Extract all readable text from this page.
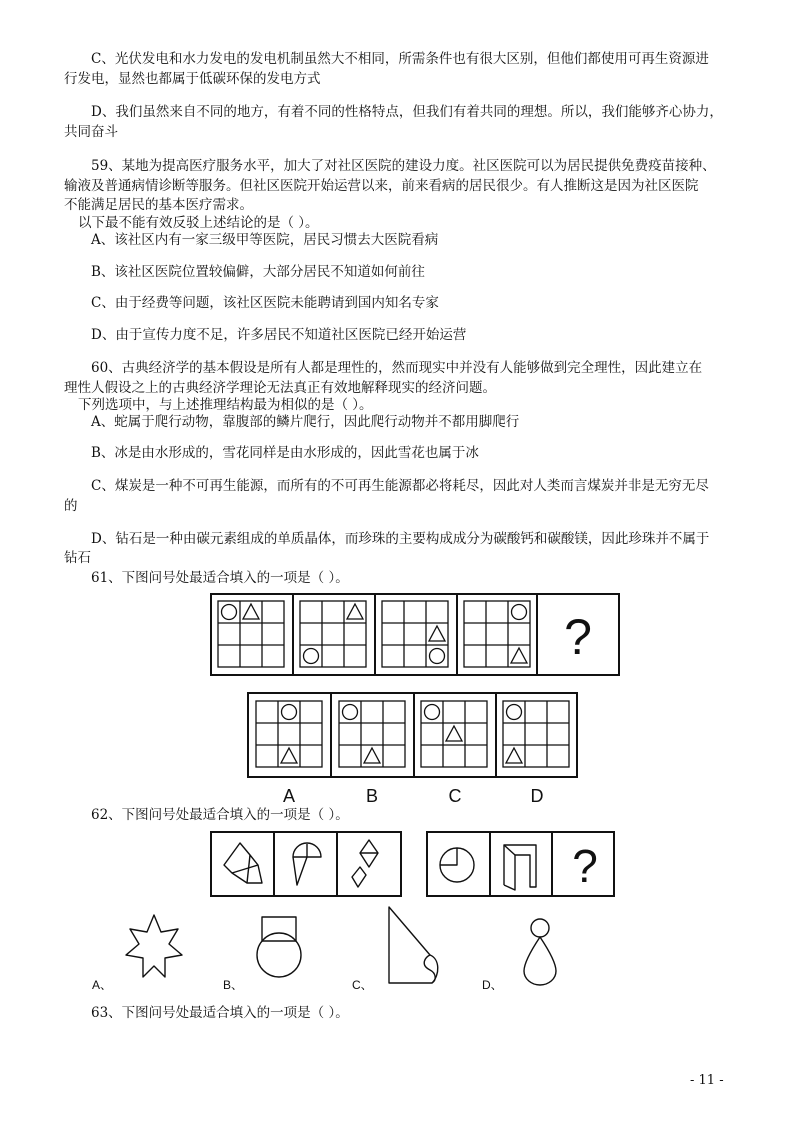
C、光伏发电和水力发电的发电机制虽然大不相同，所需条件也有很大区别，但他们都使用可再生资源进
行发电，显然也都属于低碳环保的发电方式
D、我们虽然来自不同的地方，有着不同的性格特点，但我们有着共同的理想。所以，我们能够齐心协力，
共同奋斗
59、某地为提高医疗服务水平，加大了对社区医院的建设力度。社区医院可以为居民提供免费疫苗接种、
输液及普通病情诊断等服务。但社区医院开始运营以来，前来看病的居民很少。有人推断这是因为社区医院
不能满足居民的基本医疗需求。
以下最不能有效反驳上述结论的是（ ）。
A、该社区内有一家三级甲等医院，居民习惯去大医院看病
B、该社区医院位置较偏僻，大部分居民不知道如何前往
C、由于经费等问题，该社区医院未能聘请到国内知名专家
D、由于宣传力度不足，许多居民不知道社区医院已经开始运营
60、古典经济学的基本假设是所有人都是理性的，然而现实中并没有人能够做到完全理性，因此建立在
理性人假设之上的古典经济学理论无法真正有效地解释现实的经济问题。
下列选项中，与上述推理结构最为相似的是（ ）。
A、蛇属于爬行动物，靠腹部的鳞片爬行，因此爬行动物并不都用脚爬行
B、冰是由水形成的，雪花同样是由水形成的，因此雪花也属于冰
C、煤炭是一种不可再生能源，而所有的不可再生能源都必将耗尽，因此对人类而言煤炭并非是无穷无尽
的
D、钻石是一种由碳元素组成的单质晶体，而珍珠的主要构成成分为碳酸钙和碳酸镁，因此珍珠并不属于
钻石
61、下图问号处最适合填入的一项是（ ）。
?
A	B	C	D
62、下图问号处最适合填入的一项是（ ）。
?
A、	B、	C、	D、
63、下图问号处最适合填入的一项是（ ）。
- 11 -
